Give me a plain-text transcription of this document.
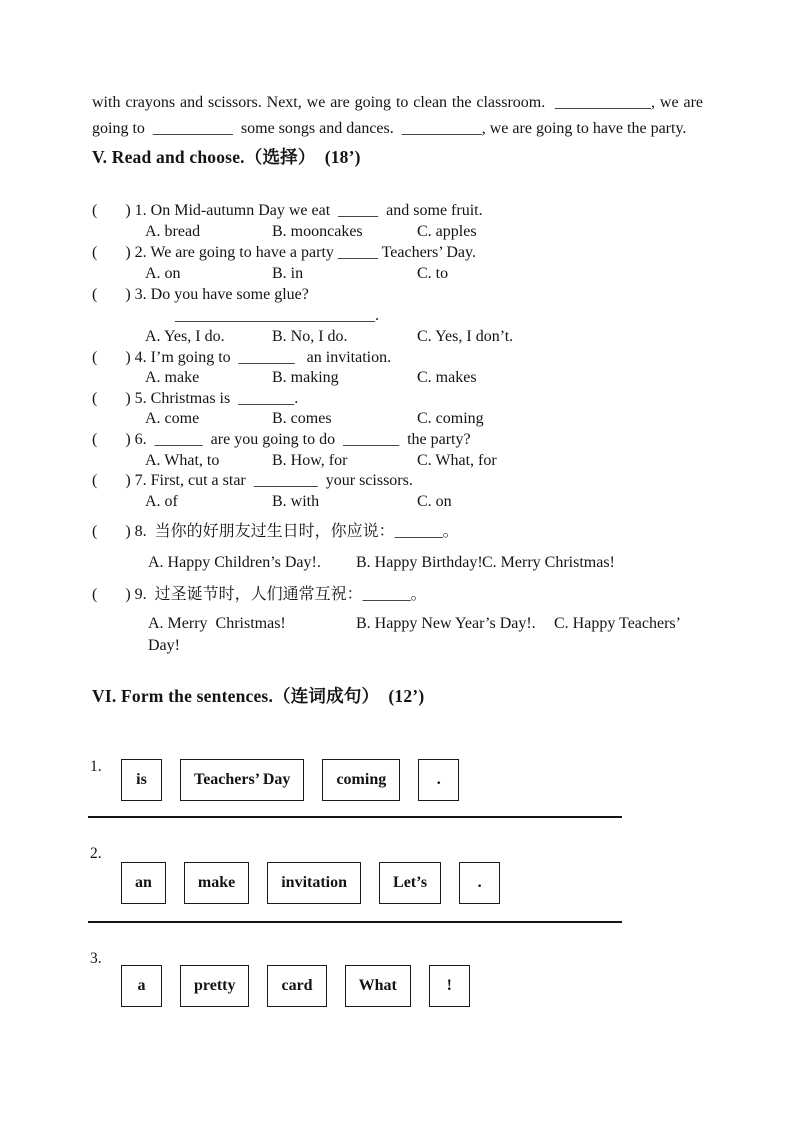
with crayons and scissors. Next, we are going to clean the classroom.  ____________, we are
going to  __________  some songs and dances.  __________, we are going to have the party.
V. Read and choose.（选择）  (18’)
(       ) 1. On Mid-autumn Day we eat  _____  and some fruit.
A. bread	B. mooncakes	C. apples
(       ) 2. We are going to have a party _____ Teachers’ Day.
A. on	B. in	C. to
(       ) 3. Do you have some glue?
_________________________.
A. Yes, I do.	B. No, I do.	C. Yes, I don’t.
(       ) 4. I’m going to  _______   an invitation.
A. make	B. making	C. makes
(       ) 5. Christmas is  _______.
A. come	B. comes	C. coming
(       ) 6.  ______  are you going to do  _______  the party?
A. What, to	B. How, for	C. What, for
(       ) 7. First, cut a star  ________  your scissors.
A. of	B. with	C. on
(       ) 8.  当你的好朋友过生日时，你应说：______。
A. Happy Children’s Day!.	B. Happy Birthday! C. Merry Christmas!
(       ) 9.  过圣诞节时，人们通常互祝：______。
A. Merry  Christmas!	B. Happy New Year’s Day!.	C. Happy Teachers’
Day!
VI. Form the sentences.（连词成句）  (12’)
1.
is	Teachers’ Day	coming	.
2.
an	make	invitation	Let’s	.
3.
a	pretty	card	What	!
